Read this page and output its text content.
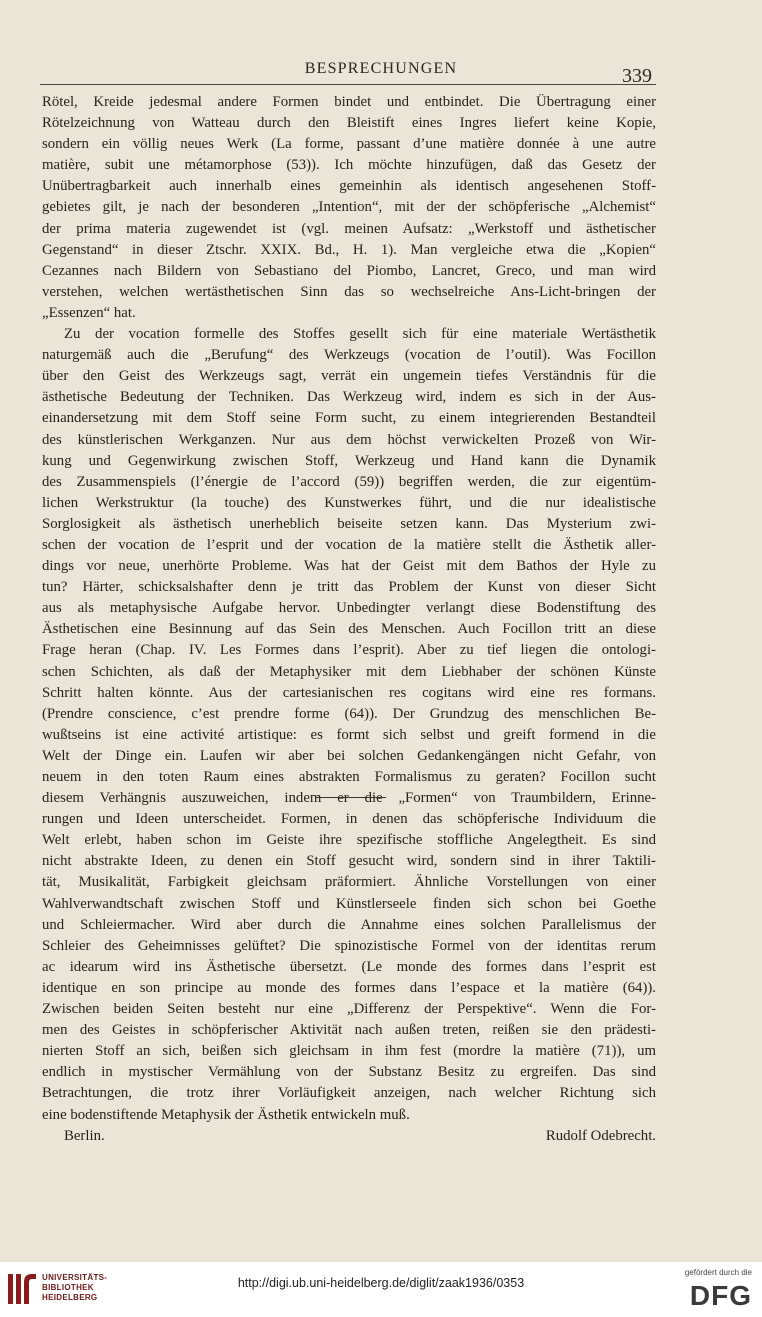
BESPRECHUNGEN	339
Rötel, Kreide jedesmal andere Formen bindet und entbindet. Die Übertragung einer
Rötelzeichnung von Watteau durch den Bleistift eines Ingres liefert keine Kopie,
sondern ein völlig neues Werk (La forme, passant d’une matière donnée à une autre
matière, subit une métamorphose (53)). Ich möchte hinzufügen, daß das Gesetz der
Unübertragbarkeit auch innerhalb eines gemeinhin als identisch angesehenen Stoff-
gebietes gilt, je nach der besonderen „Intention“, mit der der schöpferische „Alchemist“
der prima materia zugewendet ist (vgl. meinen Aufsatz: „Werkstoff und ästhetischer
Gegenstand“ in dieser Ztschr. XXIX. Bd., H. 1). Man vergleiche etwa die „Kopien“
Cezannes nach Bildern von Sebastiano del Piombo, Lancret, Greco, und man wird
verstehen, welchen wertästhetischen Sinn das so wechselreiche Ans-Licht-bringen der
„Essenzen“ hat.
Zu der vocation formelle des Stoffes gesellt sich für eine materiale Wertästhetik
naturgemäß auch die „Berufung“ des Werkzeugs (vocation de l’outil). Was Focillon
über den Geist des Werkzeugs sagt, verrät ein ungemein tiefes Verständnis für die
ästhetische Bedeutung der Techniken. Das Werkzeug wird, indem es sich in der Aus-
einandersetzung mit dem Stoff seine Form sucht, zu einem integrierenden Bestandteil
des künstlerischen Werkganzen. Nur aus dem höchst verwickelten Prozeß von Wir-
kung und Gegenwirkung zwischen Stoff, Werkzeug und Hand kann die Dynamik
des Zusammenspiels (l’énergie de l’accord (59)) begriffen werden, die zur eigentüm-
lichen Werkstruktur (la touche) des Kunstwerkes führt, und die nur idealistische
Sorglosigkeit als ästhetisch unerheblich beiseite setzen kann. Das Mysterium zwi-
schen der vocation de l’esprit und der vocation de la matière stellt die Ästhetik aller-
dings vor neue, unerhörte Probleme. Was hat der Geist mit dem Bathos der Hyle zu
tun? Härter, schicksalshafter denn je tritt das Problem der Kunst von dieser Sicht
aus als metaphysische Aufgabe hervor. Unbedingter verlangt diese Bodenstiftung des
Ästhetischen eine Besinnung auf das Sein des Menschen. Auch Focillon tritt an diese
Frage heran (Chap. IV. Les Formes dans l’esprit). Aber zu tief liegen die ontologi-
schen Schichten, als daß der Metaphysiker mit dem Liebhaber der schönen Künste
Schritt halten könnte. Aus der cartesianischen res cogitans wird eine res formans.
(Prendre conscience, c’est prendre forme (64)). Der Grundzug des menschlichen Be-
wußtseins ist eine activité artistique: es formt sich selbst und greift formend in die
Welt der Dinge ein. Laufen wir aber bei solchen Gedankengängen nicht Gefahr, von
neuem in den toten Raum eines abstrakten Formalismus zu geraten? Focillon sucht
diesem Verhängnis auszuweichen, indem er die „Formen“ von Traumbildern, Erinne-
rungen und Ideen unterscheidet. Formen, in denen das schöpferische Individuum die
Welt erlebt, haben schon im Geiste ihre spezifische stoffliche Angelegtheit. Es sind
nicht abstrakte Ideen, zu denen ein Stoff gesucht wird, sondern sind in ihrer Taktili-
tät, Musikalität, Farbigkeit gleichsam präformiert. Ähnliche Vorstellungen von einer
Wahlverwandtschaft zwischen Stoff und Künstlerseele finden sich schon bei Goethe
und Schleiermacher. Wird aber durch die Annahme eines solchen Parallelismus der
Schleier des Geheimnisses gelüftet? Die spinozistische Formel von der identitas rerum
ac idearum wird ins Ästhetische übersetzt. (Le monde des formes dans l’esprit est
identique en son principe au monde des formes dans l’espace et la matière (64)).
Zwischen beiden Seiten besteht nur eine „Differenz der Perspektive“. Wenn die For-
men des Geistes in schöpferischer Aktivität nach außen treten, reißen sie den prädesti-
nierten Stoff an sich, beißen sich gleichsam in ihm fest (mordre la matière (71)), um
endlich in mystischer Vermählung von der Substanz Besitz zu ergreifen. Das sind
Betrachtungen, die trotz ihrer Vorläufigkeit anzeigen, nach welcher Richtung sich
eine bodenstiftende Metaphysik der Ästhetik entwickeln muß.
Berlin.	Rudolf Odebrecht.
UNIVERSITÄTS-
BIBLIOTHEK
HEIDELBERG
http://digi.ub.uni-heidelberg.de/diglit/zaak1936/0353
gefördert durch die
DFG
